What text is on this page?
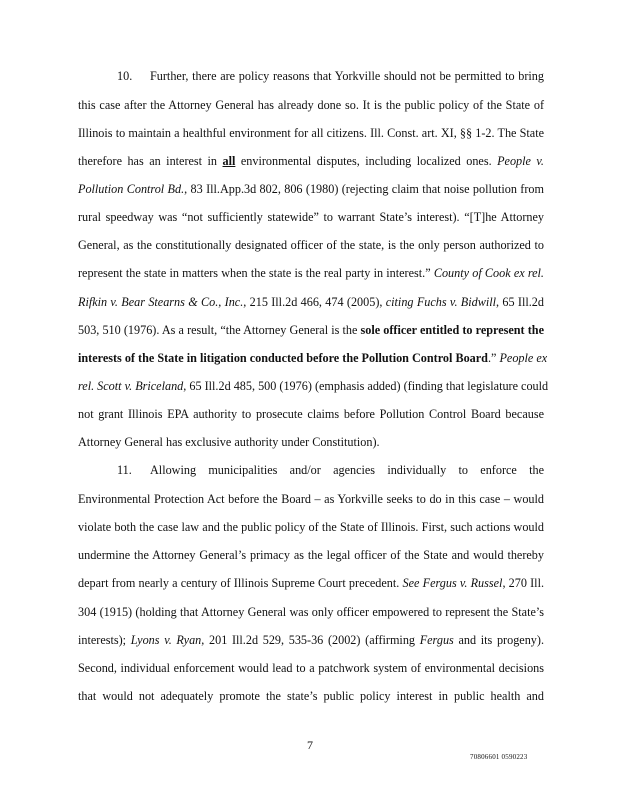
10. Further, there are policy reasons that Yorkville should not be permitted to bring
this case after the Attorney General has already done so. It is the public policy of the State of
Illinois to maintain a healthful environment for all citizens. Ill. Const. art. XI, §§ 1-2. The State
therefore has an interest in all environmental disputes, including localized ones. People v.
Pollution Control Bd., 83 Ill.App.3d 802, 806 (1980) (rejecting claim that noise pollution from
rural speedway was “not sufficiently statewide” to warrant State’s interest). “[T]he Attorney
General, as the constitutionally designated officer of the state, is the only person authorized to
represent the state in matters when the state is the real party in interest.” County of Cook ex rel.
Rifkin v. Bear Stearns & Co., Inc., 215 Ill.2d 466, 474 (2005), citing Fuchs v. Bidwill, 65 Ill.2d
503, 510 (1976). As a result, “the Attorney General is the sole officer entitled to represent the
interests of the State in litigation conducted before the Pollution Control Board.” People ex
rel. Scott v. Briceland, 65 Ill.2d 485, 500 (1976) (emphasis added) (finding that legislature could
not grant Illinois EPA authority to prosecute claims before Pollution Control Board because
Attorney General has exclusive authority under Constitution).
11. Allowing municipalities and/or agencies individually to enforce the
Environmental Protection Act before the Board – as Yorkville seeks to do in this case – would
violate both the case law and the public policy of the State of Illinois. First, such actions would
undermine the Attorney General’s primacy as the legal officer of the State and would thereby
depart from nearly a century of Illinois Supreme Court precedent. See Fergus v. Russel, 270 Ill.
304 (1915) (holding that Attorney General was only officer empowered to represent the State’s
interests); Lyons v. Ryan, 201 Ill.2d 529, 535-36 (2002) (affirming Fergus and its progeny).
Second, individual enforcement would lead to a patchwork system of environmental decisions
that would not adequately promote the state’s public policy interest in public health and
7
70806601 0590223
